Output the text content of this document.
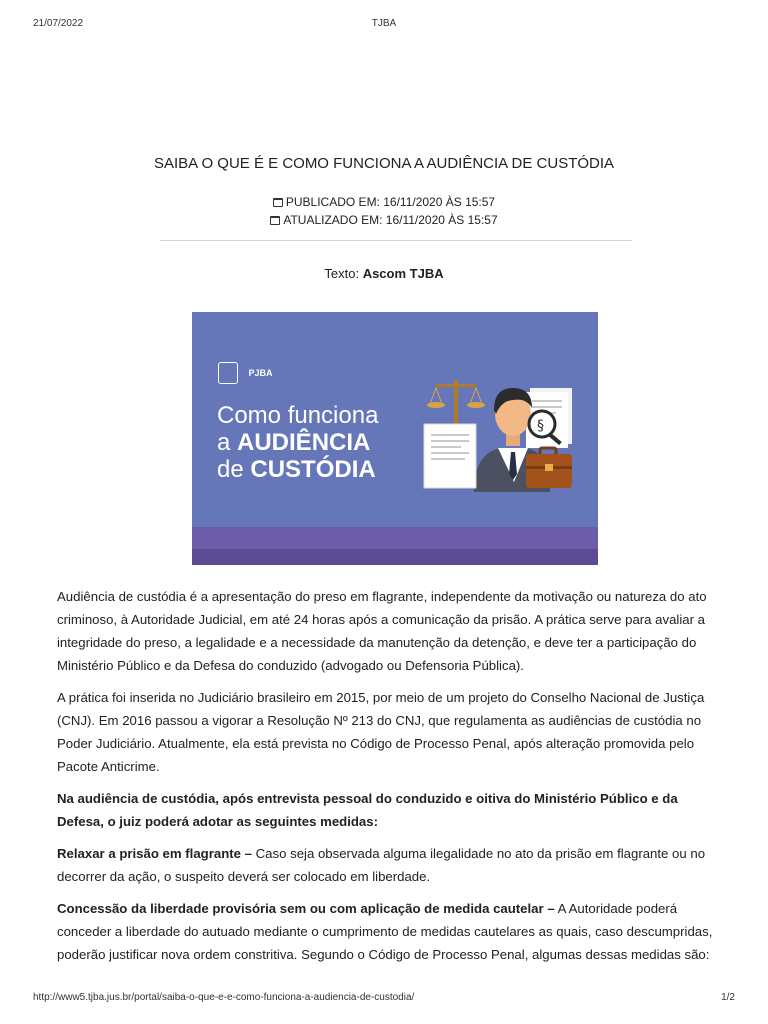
21/07/2022	TJBA
SAIBA O QUE É E COMO FUNCIONA A AUDIÊNCIA DE CUSTÓDIA
PUBLICADO EM: 16/11/2020 ÀS 15:57
ATUALIZADO EM: 16/11/2020 ÀS 15:57
Texto: Ascom TJBA
PJBA
Como funciona
a AUDIÊNCIA
de CUSTÓDIA
§

Audiência de custódia é a apresentação do preso em flagrante, independente da motivação ou natureza do ato criminoso, à Autoridade Judicial, em até 24 horas após a comunicação da prisão. A prática serve para avaliar a integridade do preso, a legalidade e a necessidade da manutenção da detenção, e deve ter a participação do Ministério Público e da Defesa do conduzido (advogado ou Defensoria Pública).

A prática foi inserida no Judiciário brasileiro em 2015, por meio de um projeto do Conselho Nacional de Justiça (CNJ). Em 2016 passou a vigorar a Resolução Nº 213 do CNJ, que regulamenta as audiências de custódia no Poder Judiciário. Atualmente, ela está prevista no Código de Processo Penal, após alteração promovida pelo Pacote Anticrime.

Na audiência de custódia, após entrevista pessoal do conduzido e oitiva do Ministério Público e da Defesa, o juiz poderá adotar as seguintes medidas:

Relaxar a prisão em flagrante – Caso seja observada alguma ilegalidade no ato da prisão em flagrante ou no decorrer da ação, o suspeito deverá ser colocado em liberdade.

Concessão da liberdade provisória sem ou com aplicação de medida cautelar – A Autoridade poderá conceder a liberdade do autuado mediante o cumprimento de medidas cautelares as quais, caso descumpridas, poderão justificar nova ordem constritiva. Segundo o Código de Processo Penal, algumas dessas medidas são:

http://www5.tjba.jus.br/portal/saiba-o-que-e-e-como-funciona-a-audiencia-de-custodia/	1/2
